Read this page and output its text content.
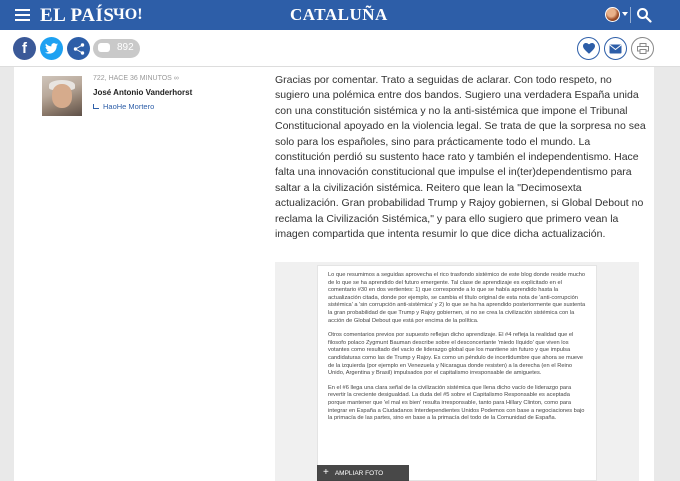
EL PAÍS
ЧO!	CATALUÑA
f	892
722, HACE 36 MINUTOS ∞
José Antonio Vanderhorst
HaoHe Mortero
Gracias por comentar. Trato a seguidas de aclarar. Con todo respeto, no sugiero una polémica entre dos bandos. Sugiero una verdadera España unida con una constitución sistémica y no la anti-sistémica que impone el Tribunal Constitucional apoyado en la violencia legal. Se trata de que la sorpresa no sea solo para los españoles, sino para prácticamente todo el mundo. La constitución perdió su sustento hace rato y también el independentismo. Hace falta una innovación constitucional que impulse el in(ter)dependentismo para saltar a la civilización sistémica. Reitero que lean la "Decimosexta actualización. Gran probabilidad Trump y Rajoy gobiernen, si Global Debout no reclama la Civilización Sistémica," y para ello sugiero que primero vean la imagen compartida que intenta resumir lo que dice dicha actualización.

Lo que resumimos a seguidas aprovecha el rico trasfondo sistémico de este blog donde reside mucho de lo que se ha aprendido del futuro emergente. Tal clase de aprendizaje es explicitado en el comentario #30 en dos vertientes: 1) que corresponde a lo que se había aprendido hasta la actualización citada, donde por ejemplo, se cambia el título original de esta nota de 'anti-corrupción sistémica' a 'sin corrupción anti-sistémica' y 2) lo que se ha ha aprendido posteriormente que sustenta la gran probabilidad de que Trump y Rajoy gobiernen, si no se crea la civilización sistémica con la acción de Global Debout que está por encima de la política.

Otros comentarios previos por supuesto reflejan dicho aprendizaje. El #4 refleja la realidad que el filosofo polaco Zygmunt Bauman describe sobre el desconcertante 'miedo líquido' que viven los votantes como resultado del vacío de liderazgo global que los mantiene sin futuro y que impulsa candidaturas como las de Trump y Rajoy. Es como un péndulo de incertidumbre que ahora se mueve de la izquierda (por ejemplo en Venezuela y Nicaragua donde resisten) a la derecha (en el Reino Unido, Argentina y Brasil) impulsados por el capitalismo irresponsable de amiguetes.

En el #6 llega una clara señal de la civilización sistémica que llena dicho vacío de liderazgo para revertir la creciente desigualdad. La duda del #5 sobre el Capitalismo Responsable es aceptada porque mantener que 'el mal es bien' resulta irresponsable, tanto para Hillary Clinton, como para integrar en España a Ciudadanos Interdependientes Unidos Podemos con base a negociaciones bajo la primacía de las partes, sino en base a la primacía del todo de la Comunidad de España.

+ AMPLIAR FOTO
